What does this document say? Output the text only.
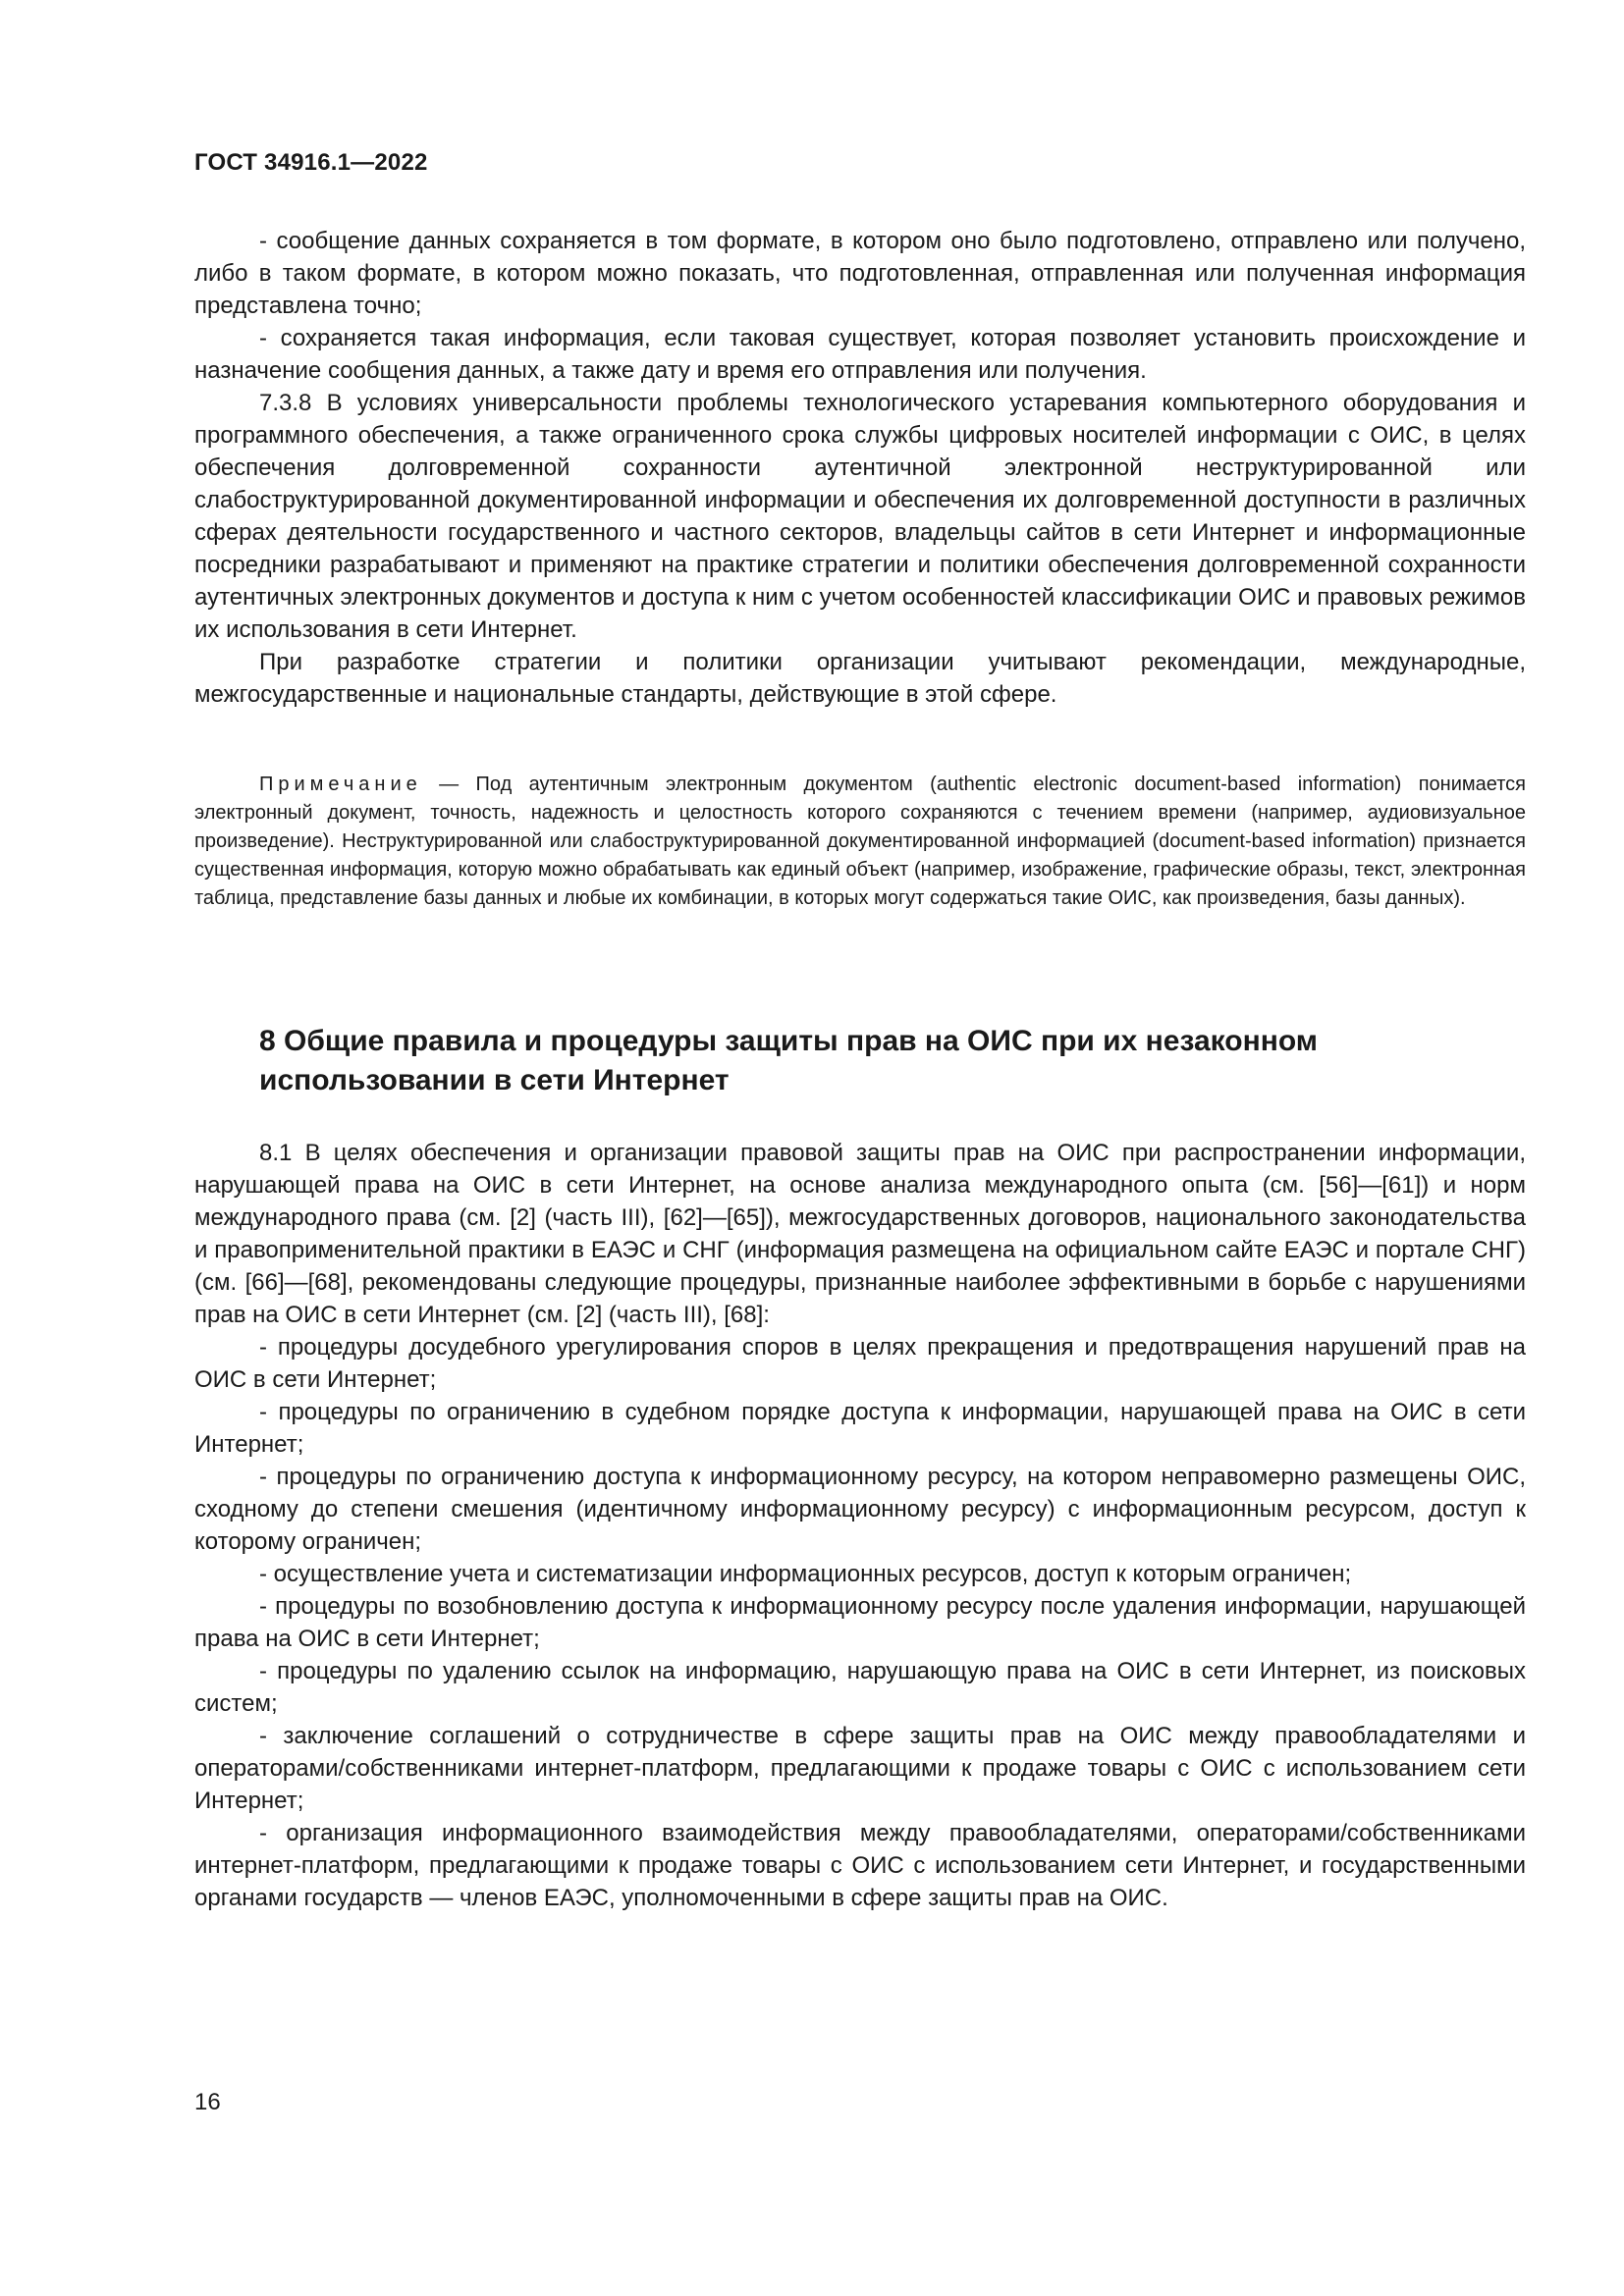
ГОСТ 34916.1—2022

- сообщение данных сохраняется в том формате, в котором оно было подготовлено, отправлено или получено, либо в таком формате, в котором можно показать, что подготовленная, отправленная или полученная информация представлена точно;

- сохраняется такая информация, если таковая существует, которая позволяет установить происхождение и назначение сообщения данных, а также дату и время его отправления или получения.

7.3.8 В условиях универсальности проблемы технологического устаревания компьютерного оборудования и программного обеспечения, а также ограниченного срока службы цифровых носителей информации с ОИС, в целях обеспечения долговременной сохранности аутентичной электронной неструктурированной или слабоструктурированной документированной информации и обеспечения их долговременной доступности в различных сферах деятельности государственного и частного секторов, владельцы сайтов в сети Интернет и информационные посредники разрабатывают и применяют на практике стратегии и политики обеспечения долговременной сохранности аутентичных электронных документов и доступа к ним с учетом особенностей классификации ОИС и правовых режимов их использования в сети Интернет.

При разработке стратегии и политики организации учитывают рекомендации, международные, межгосударственные и национальные стандарты, действующие в этой сфере.

Примечание — Под аутентичным электронным документом (authentic electronic document-based information) понимается электронный документ, точность, надежность и целостность которого сохраняются с течением времени (например, аудиовизуальное произведение). Неструктурированной или слабоструктурированной документированной информацией (document-based information) признается существенная информация, которую можно обрабатывать как единый объект (например, изображение, графические образы, текст, электронная таблица, представление базы данных и любые их комбинации, в которых могут содержаться такие ОИС, как произведения, базы данных).

8 Общие правила и процедуры защиты прав на ОИС при их незаконном использовании в сети Интернет

8.1 В целях обеспечения и организации правовой защиты прав на ОИС при распространении информации, нарушающей права на ОИС в сети Интернет, на основе анализа международного опыта (см. [56]—[61]) и норм международного права (см. [2] (часть III), [62]—[65]), межгосударственных договоров, национального законодательства и правоприменительной практики в ЕАЭС и СНГ (информация размещена на официальном сайте ЕАЭС и портале СНГ) (см. [66]—[68], рекомендованы следующие процедуры, признанные наиболее эффективными в борьбе с нарушениями прав на ОИС в сети Интернет (см. [2] (часть III), [68]:

- процедуры досудебного урегулирования споров в целях прекращения и предотвращения нарушений прав на ОИС в сети Интернет;

- процедуры по ограничению в судебном порядке доступа к информации, нарушающей права на ОИС в сети Интернет;

- процедуры по ограничению доступа к информационному ресурсу, на котором неправомерно размещены ОИС, сходному до степени смешения (идентичному информационному ресурсу) с информационным ресурсом, доступ к которому ограничен;

- осуществление учета и систематизации информационных ресурсов, доступ к которым ограничен;

- процедуры по возобновлению доступа к информационному ресурсу после удаления информации, нарушающей права на ОИС в сети Интернет;

- процедуры по удалению ссылок на информацию, нарушающую права на ОИС в сети Интернет, из поисковых систем;

- заключение соглашений о сотрудничестве в сфере защиты прав на ОИС между правообладателями и операторами/собственниками интернет-платформ, предлагающими к продаже товары с ОИС с использованием сети Интернет;

- организация информационного взаимодействия между правообладателями, операторами/собственниками интернет-платформ, предлагающими к продаже товары с ОИС с использованием сети Интернет, и государственными органами государств — членов ЕАЭС, уполномоченными в сфере защиты прав на ОИС.

16
